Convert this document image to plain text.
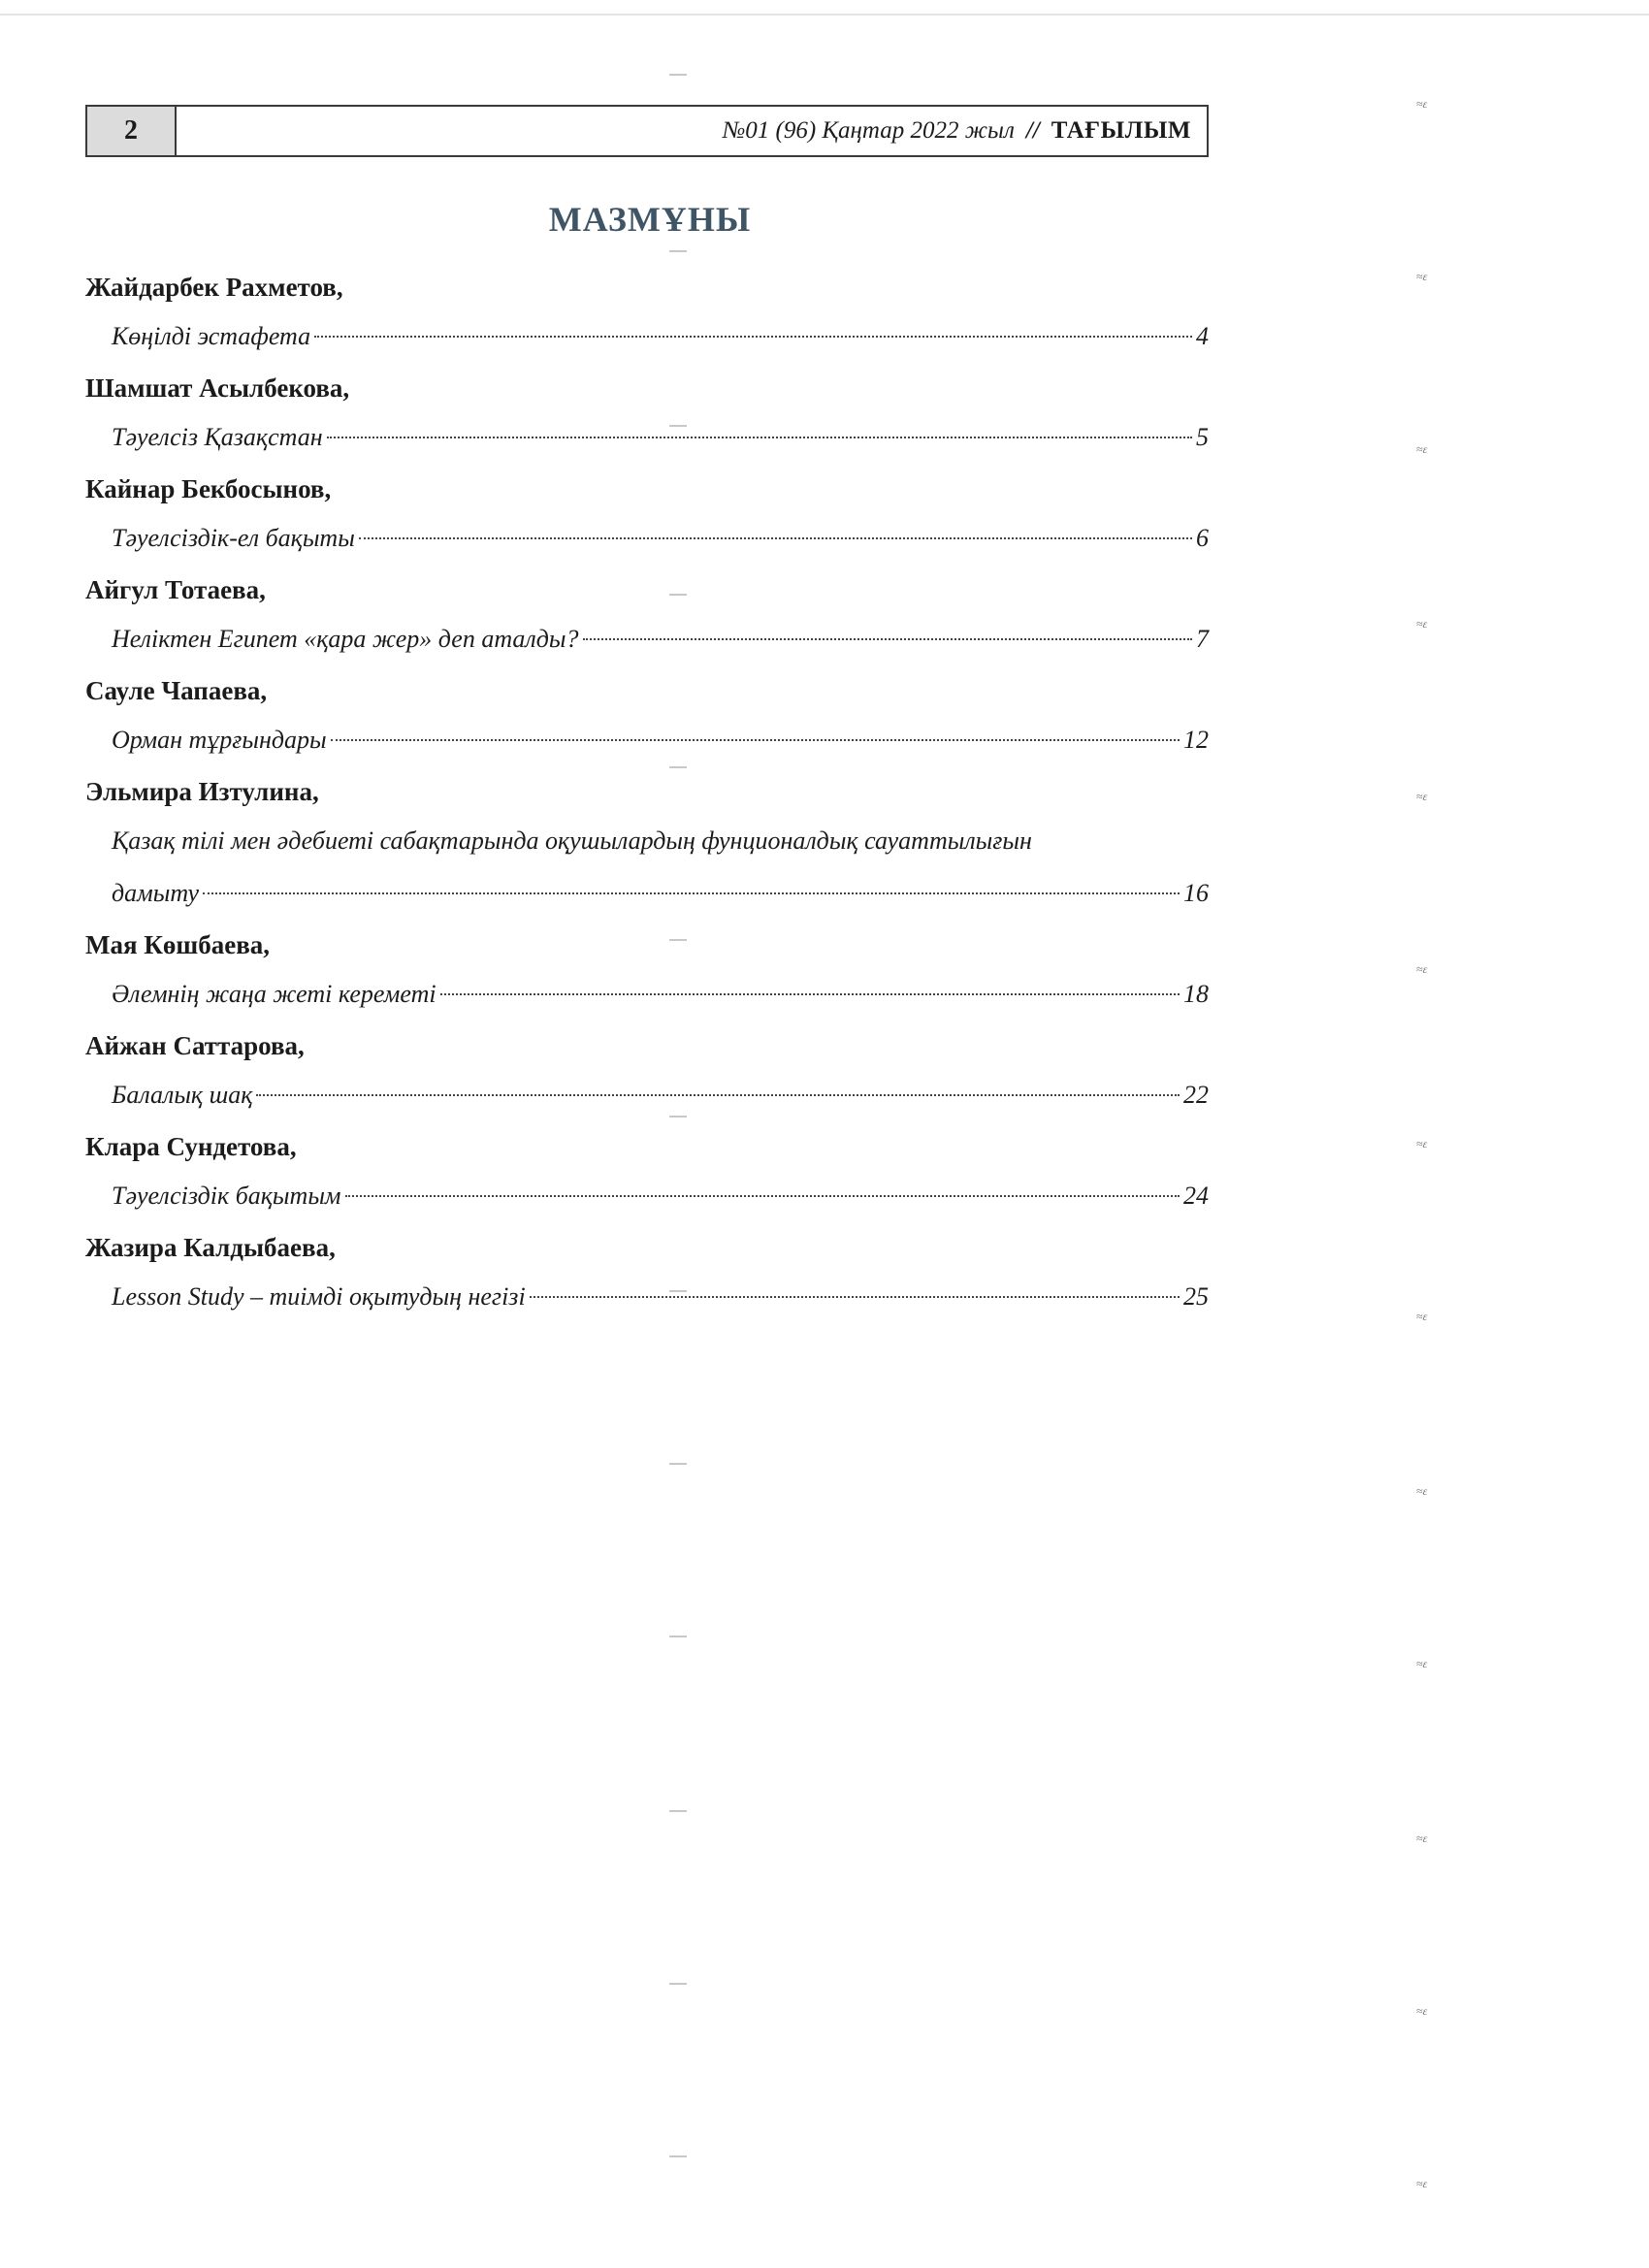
2	№01 (96) Қаңтар 2022 жыл // ТАҒЫЛЫМ
МАЗМҰНЫ
Жайдарбек Рахметов,
Көңілді эстафета	4
Шамшат Асылбекова,
Тәуелсіз Қазақстан	5
Кайнар Бекбосынов,
Тәуелсіздік-ел бақыты	6
Айгул Тотаева,
Неліктен Египет «қара жер» деп аталды?	7
Сауле Чапаева,
Орман тұрғындары	12
Эльмира Изтулина,
Қазақ тілі мен әдебиеті сабақтарында оқушылардың фунционалдық сауаттылығын
дамыту	16
Мая Көшбаева,
Әлемнің жаңа жеті кереметі	18
Айжан Саттарова,
Балалық шақ	22
Клара Сундетова,
Тәуелсіздік бақытым	24
Жазира Калдыбаева,
Lesson Study – тиімді оқытудың негізі	25
≈ε
≈ε
≈ε
≈ε
≈ε
≈ε
≈ε
≈ε
≈ε
≈ε
≈ε
≈ε
≈ε
